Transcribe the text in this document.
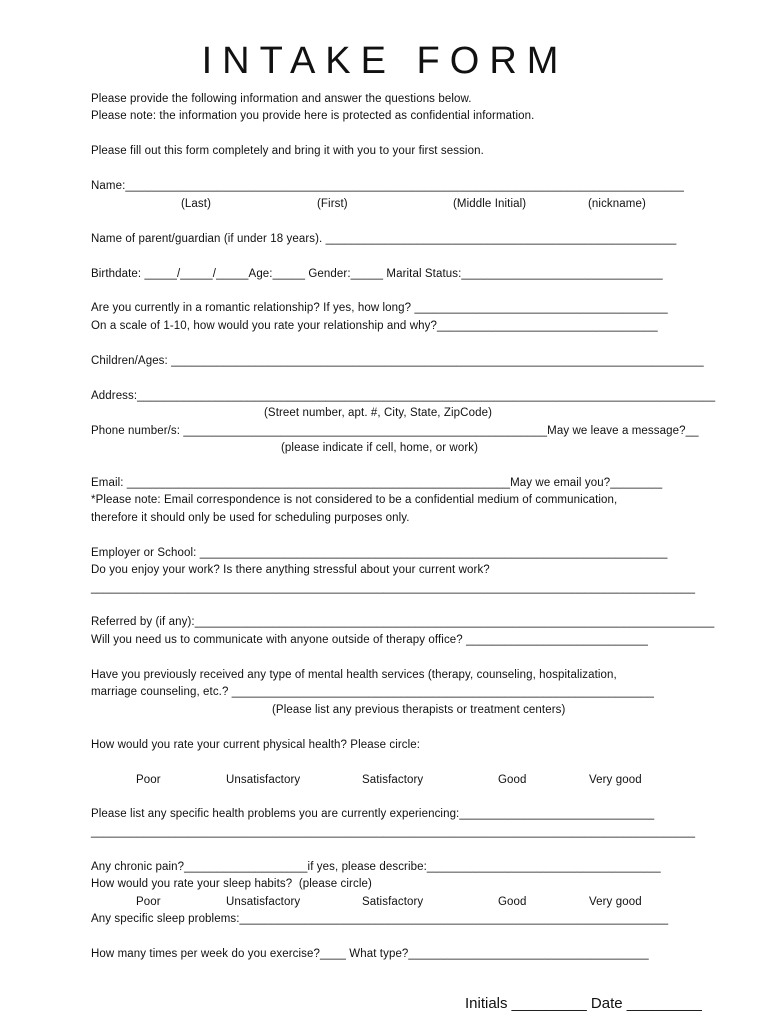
INTAKE FORM
Please provide the following information and answer the questions below.
Please note: the information you provide here is protected as confidential information.
Please fill out this form completely and bring it with you to your first session.
Name:______________________________________________________________________________________
(Last)	(First)	(Middle Initial)	(nickname)
Name of parent/guardian (if under 18 years). ______________________________________________________
Birthdate: _____/_____/_____Age:_____ Gender:_____ Marital Status:_______________________________
Are you currently in a romantic relationship? If yes, how long? _______________________________________
On a scale of 1-10, how would you rate your relationship and why?__________________________________
Children/Ages: __________________________________________________________________________________
Address:_________________________________________________________________________________________
(Street number, apt. #, City, State, ZipCode)
Phone number/s: ________________________________________________________May we leave a message?__
(please indicate if cell, home, or work)
Email: ___________________________________________________________May we email you?________
*Please note: Email correspondence is not considered to be a confidential medium of communication,
therefore it should only be used for scheduling purposes only.
Employer or School: ________________________________________________________________________
Do you enjoy your work? Is there anything stressful about your current work?
_____________________________________________________________________________________________
Referred by (if any):________________________________________________________________________________
Will you need us to communicate with anyone outside of therapy office? ____________________________
Have you previously received any type of mental health services (therapy, counseling, hospitalization,
marriage counseling, etc.? _________________________________________________________________
(Please list any previous therapists or treatment centers)
How would you rate your current physical health? Please circle:
Poor	Unsatisfactory	Satisfactory	Good	Very good
Please list any specific health problems you are currently experiencing:______________________________
_____________________________________________________________________________________________
Any chronic pain?___________________if yes, please describe:____________________________________
How would you rate your sleep habits?  (please circle)
Poor	Unsatisfactory	Satisfactory	Good	Very good
Any specific sleep problems:__________________________________________________________________
How many times per week do you exercise?____ What type?_____________________________________
Initials _________ Date _________
